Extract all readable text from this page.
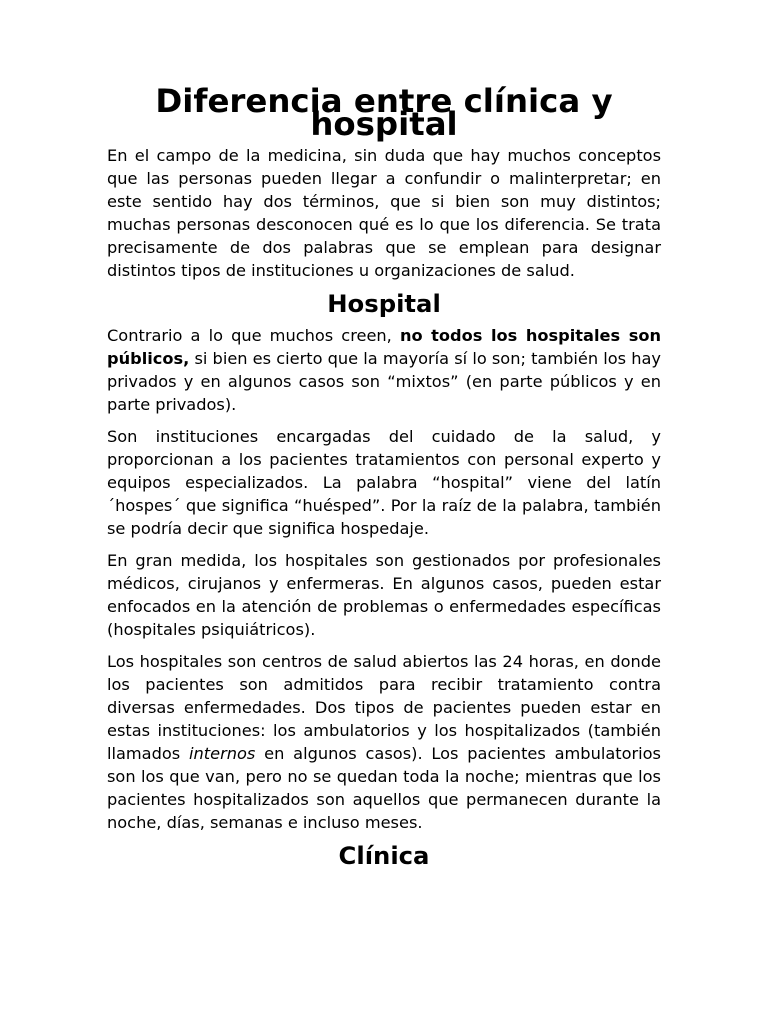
Diferencia entre clínica y hospital

En el campo de la medicina, sin duda que hay muchos conceptos que las personas pueden llegar a confundir o malinterpretar; en este sentido hay dos términos, que si bien son muy distintos; muchas personas desconocen qué es lo que los diferencia. Se trata precisamente de dos palabras que se emplean para designar distintos tipos de instituciones u organizaciones de salud.

Hospital

Contrario a lo que muchos creen, no todos los hospitales son públicos, si bien es cierto que la mayoría sí lo son; también los hay privados y en algunos casos son “mixtos” (en parte públicos y en parte privados).

Son instituciones encargadas del cuidado de la salud, y proporcionan a los pacientes tratamientos con personal experto y equipos especializados. La palabra “hospital” viene del latín ´hospes´ que significa “huésped”. Por la raíz de la palabra, también se podría decir que significa hospedaje.

En gran medida, los hospitales son gestionados por profesionales médicos, cirujanos y enfermeras. En algunos casos, pueden estar enfocados en la atención de problemas o enfermedades específicas (hospitales psiquiátricos).

Los hospitales son centros de salud abiertos las 24 horas, en donde los pacientes son admitidos para recibir tratamiento contra diversas enfermedades. Dos tipos de pacientes pueden estar en estas instituciones: los ambulatorios y los hospitalizados (también llamados internos en algunos casos). Los pacientes ambulatorios son los que van, pero no se quedan toda la noche; mientras que los pacientes hospitalizados son aquellos que permanecen durante la noche, días, semanas e incluso meses.

Clínica
